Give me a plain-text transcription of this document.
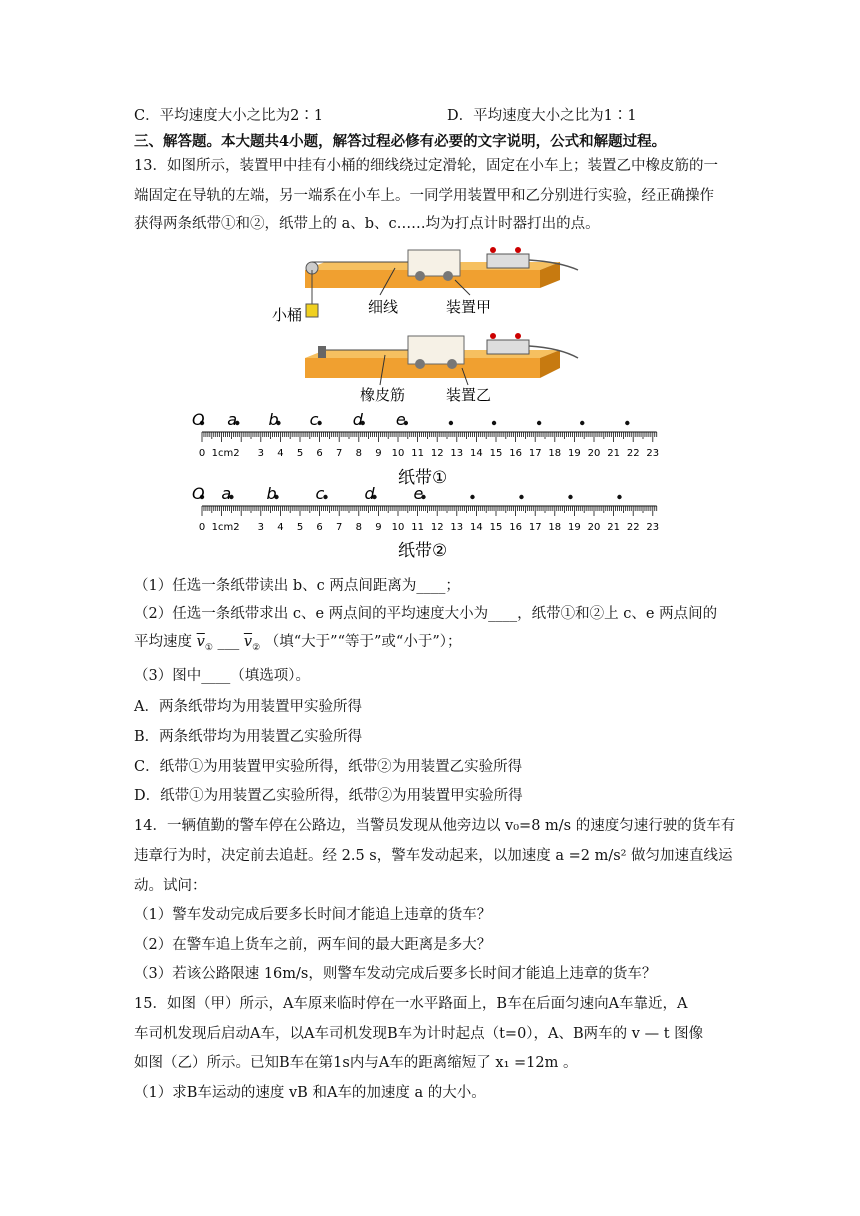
C．平均速度大小之比为2∶1	D．平均速度大小之比为1∶1
三、解答题。本大题共4小题，解答过程必修有必要的文字说明，公式和解题过程。
13．如图所示，装置甲中挂有小桶的细线绕过定滑轮，固定在小车上；装置乙中橡皮筋的一
端固定在导轨的左端，另一端系在小车上。一同学用装置甲和乙分别进行实验，经正确操作
获得两条纸带①和②，纸带上的 a、b、c……均为打点计时器打出的点。
小桶	细线	装置甲
橡皮筋	装置乙
O a b c d e
0 1cm2 3 4 5 6 7 8 9 10 11 12 13 14 15 16 17 18 19 20 21 22 23
O a b c	d e
0 1cm2 3 4 5 6 7 8 9 10 11 12 13 14 15 16 17 18 19 20 21 22 23
纸带①
纸带②
（1）任选一条纸带读出 b、c 两点间距离为____；
（2）任选一条纸带求出 c、e 两点间的平均速度大小为____，纸带①和②上 c、e 两点间的
平均速度 $\overline{v}_①$ ___ $\overline{v}_②$ （填“大于”“等于”或“小于”）；
（3）图中____（填选项）。
A．两条纸带均为用装置甲实验所得
B．两条纸带均为用装置乙实验所得
C．纸带①为用装置甲实验所得，纸带②为用装置乙实验所得
D．纸带①为用装置乙实验所得，纸带②为用装置甲实验所得
14．一辆值勤的警车停在公路边，当警员发现从他旁边以 v₀=8 m/s 的速度匀速行驶的货车有
违章行为时，决定前去追赶。经 2.5 s，警车发动起来，以加速度 a =2 m/s² 做匀加速直线运
动。试问：
（1）警车发动完成后要多长时间才能追上违章的货车？
（2）在警车追上货车之前，两车间的最大距离是多大？
（3）若该公路限速 16m/s，则警车发动完成后要多长时间才能追上违章的货车？
15．如图（甲）所示，A车原来临时停在一水平路面上，B车在后面匀速向A车靠近，A
车司机发现后启动A车，以A车司机发现B车为计时起点（t=0），A、B两车的 v — t 图像
如图（乙）所示。已知B车在第1s内与A车的距离缩短了 x₁ =12m 。
（1）求B车运动的速度 vB 和A车的加速度 a 的大小。
